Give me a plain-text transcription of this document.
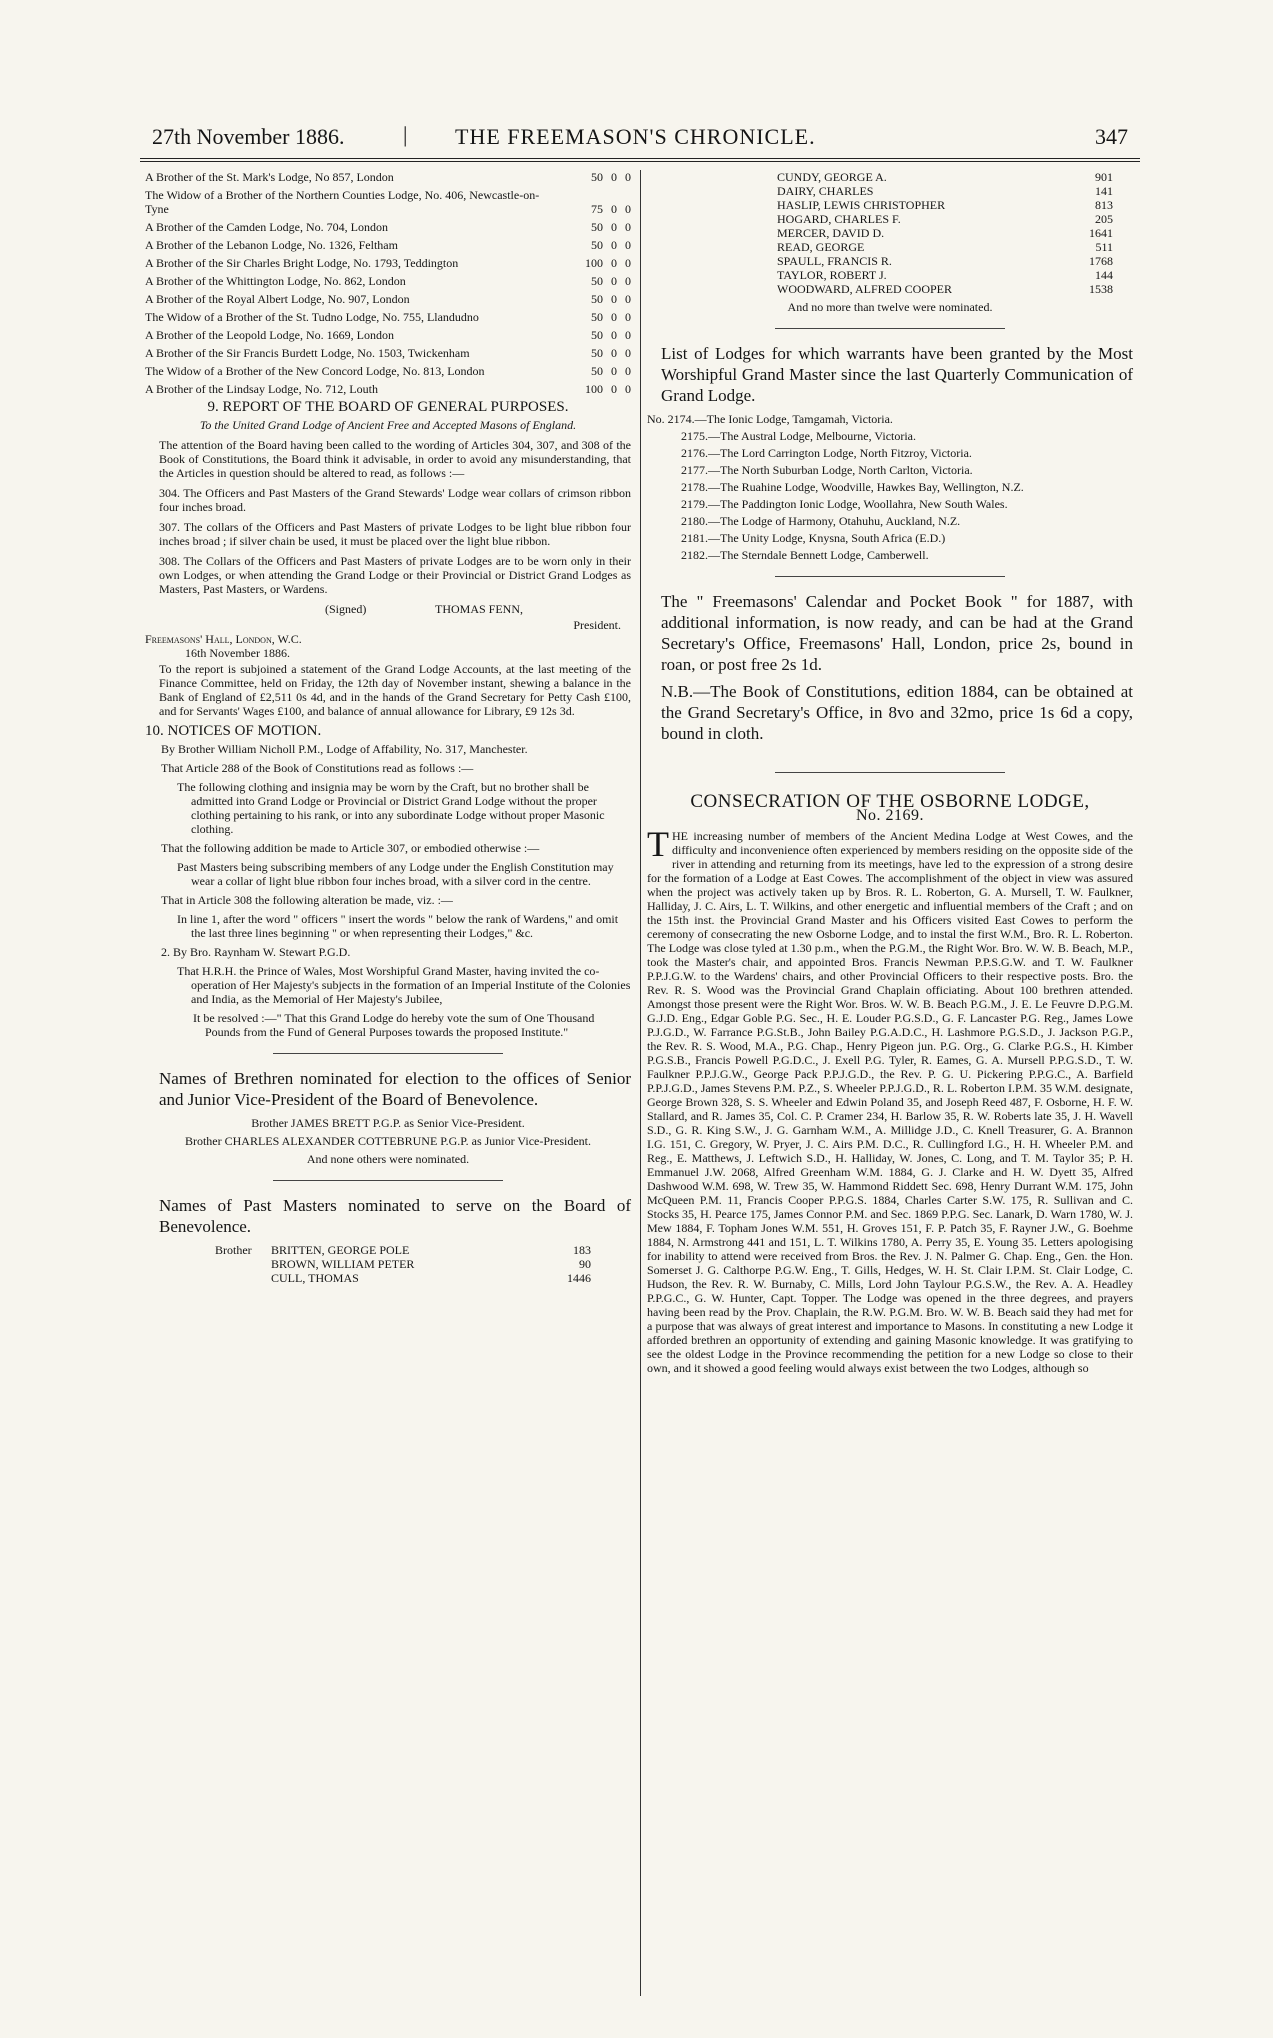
27th November 1886.	| THE FREEMASON'S CHRONICLE.	347
A Brother of the St. Mark's Lodge, No 857, London	50 0 0
The Widow of a Brother of the Northern Counties Lodge, No. 406, Newcastle-on-Tyne	75 0 0
A Brother of the Camden Lodge, No. 704, London	50 0 0
A Brother of the Lebanon Lodge, No. 1326, Feltham	50 0 0
A Brother of the Sir Charles Bright Lodge, No. 1793, Teddington	100 0 0
A Brother of the Whittington Lodge, No. 862, London	50 0 0
A Brother of the Royal Albert Lodge, No. 907, London	50 0 0
The Widow of a Brother of the St. Tudno Lodge, No. 755, Llandudno	50 0 0
A Brother of the Leopold Lodge, No. 1669, London	50 0 0
A Brother of the Sir Francis Burdett Lodge, No. 1503, Twickenham	50 0 0
The Widow of a Brother of the New Concord Lodge, No. 813, London	50 0 0
A Brother of the Lindsay Lodge, No. 712, Louth	100 0 0
9. REPORT OF THE BOARD OF GENERAL PURPOSES.

To the United Grand Lodge of Ancient Free and Accepted Masons of England.

The attention of the Board having been called to the wording of Articles 304, 307, and 308 of the Book of Constitutions, the Board think it advisable, in order to avoid any misunderstanding, that the Articles in question should be altered to read, as follows :—

304. The Officers and Past Masters of the Grand Stewards' Lodge wear collars of crimson ribbon four inches broad.

307. The collars of the Officers and Past Masters of private Lodges to be light blue ribbon four inches broad ; if silver chain be used, it must be placed over the light blue ribbon.

308. The Collars of the Officers and Past Masters of private Lodges are to be worn only in their own Lodges, or when attending the Grand Lodge or their Provincial or District Grand Lodges as Masters, Past Masters, or Wardens.

(Signed)	THOMAS FENN,
President.
Freemasons' Hall, London, W.C.
16th November 1886.

To the report is subjoined a statement of the Grand Lodge Accounts, at the last meeting of the Finance Committee, held on Friday, the 12th day of November instant, shewing a balance in the Bank of England of £2,511 0s 4d, and in the hands of the Grand Secretary for Petty Cash £100, and for Servants' Wages £100, and balance of annual allowance for Library, £9 12s 3d.

10. NOTICES OF MOTION.
By Brother William Nicholl P.M., Lodge of Affability, No. 317, Manchester.
That Article 288 of the Book of Constitutions read as follows :—
The following clothing and insignia may be worn by the Craft, but no brother shall be admitted into Grand Lodge or Provincial or District Grand Lodge without the proper clothing pertaining to his rank, or into any subordinate Lodge without proper Masonic clothing.
That the following addition be made to Article 307, or embodied otherwise :—
Past Masters being subscribing members of any Lodge under the English Constitution may wear a collar of light blue ribbon four inches broad, with a silver cord in the centre.
That in Article 308 the following alteration be made, viz. :—
In line 1, after the word " officers " insert the words " below the rank of Wardens," and omit the last three lines beginning " or when representing their Lodges," &c.
2. By Bro. Raynham W. Stewart P.G.D.
That H.R.H. the Prince of Wales, Most Worshipful Grand Master, having invited the co-operation of Her Majesty's subjects in the formation of an Imperial Institute of the Colonies and India, as the Memorial of Her Majesty's Jubilee,
It be resolved :—" That this Grand Lodge do hereby vote the sum of One Thousand Pounds from the Fund of General Purposes towards the proposed Institute."

Names of Brethren nominated for election to the offices of Senior and Junior Vice-President of the Board of Benevolence.

Brother JAMES BRETT P.G.P. as Senior Vice-President.
Brother CHARLES ALEXANDER COTTEBRUNE P.G.P. as Junior Vice-President.
And none others were nominated.

Names of Past Masters nominated to serve on the Board of Benevolence.

Brother	BRITTEN, GEORGE POLE	183
BROWN, WILLIAM PETER	90
CULL, THOMAS	1446
CUNDY, GEORGE A.	901
DAIRY, CHARLES	141
HASLIP, LEWIS CHRISTOPHER	813
HOGARD, CHARLES F.	205
MERCER, DAVID D.	1641
READ, GEORGE	511
SPAULL, FRANCIS R.	1768
TAYLOR, ROBERT J.	144
WOODWARD, ALFRED COOPER	1538
And no more than twelve were nominated.

List of Lodges for which warrants have been granted by the Most Worshipful Grand Master since the last Quarterly Communication of Grand Lodge.

No. 2174.—The Ionic Lodge, Tamgamah, Victoria.
2175.—The Austral Lodge, Melbourne, Victoria.
2176.—The Lord Carrington Lodge, North Fitzroy, Victoria.
2177.—The North Suburban Lodge, North Carlton, Victoria.
2178.—The Ruahine Lodge, Woodville, Hawkes Bay, Wellington, N.Z.
2179.—The Paddington Ionic Lodge, Woollahra, New South Wales.
2180.—The Lodge of Harmony, Otahuhu, Auckland, N.Z.
2181.—The Unity Lodge, Knysna, South Africa (E.D.)
2182.—The Sterndale Bennett Lodge, Camberwell.

The " Freemasons' Calendar and Pocket Book " for 1887, with additional information, is now ready, and can be had at the Grand Secretary's Office, Freemasons' Hall, London, price 2s, bound in roan, or post free 2s 1d.

N.B.—The Book of Constitutions, edition 1884, can be obtained at the Grand Secretary's Office, in 8vo and 32mo, price 1s 6d a copy, bound in cloth.

CONSECRATION OF THE OSBORNE LODGE,
No. 2169.

THE increasing number of members of the Ancient Medina Lodge at West Cowes, and the difficulty and inconvenience often experienced by members residing on the opposite side of the river in attending and returning from its meetings, have led to the expression of a strong desire for the formation of a Lodge at East Cowes. The accomplishment of the object in view was assured when the project was actively taken up by Bros. R. L. Roberton, G. A. Mursell, T. W. Faulkner, Halliday, J. C. Airs, L. T. Wilkins, and other energetic and influential members of the Craft ; and on the 15th inst. the Provincial Grand Master and his Officers visited East Cowes to perform the ceremony of consecrating the new Osborne Lodge, and to instal the first W.M., Bro. R. L. Roberton. The Lodge was close tyled at 1.30 p.m., when the P.G.M., the Right Wor. Bro. W. W. B. Beach, M.P., took the Master's chair, and appointed Bros. Francis Newman P.P.S.G.W. and T. W. Faulkner P.P.J.G.W. to the Wardens' chairs, and other Provincial Officers to their respective posts. Bro. the Rev. R. S. Wood was the Provincial Grand Chaplain officiating. About 100 brethren attended. Amongst those present were the Right Wor. Bros. W. W. B. Beach P.G.M., J. E. Le Feuvre D.P.G.M. G.J.D. Eng., Edgar Goble P.G. Sec., H. E. Louder P.G.S.D., G. F. Lancaster P.G. Reg., James Lowe P.J.G.D., W. Farrance P.G.St.B., John Bailey P.G.A.D.C., H. Lashmore P.G.S.D., J. Jackson P.G.P., the Rev. R. S. Wood, M.A., P.G. Chap., Henry Pigeon jun. P.G. Org., G. Clarke P.G.S., H. Kimber P.G.S.B., Francis Powell P.G.D.C., J. Exell P.G. Tyler, R. Eames, G. A. Mursell P.P.G.S.D., T. W. Faulkner P.P.J.G.W., George Pack P.P.J.G.D., the Rev. P. G. U. Pickering P.P.G.C., A. Barfield P.P.J.G.D., James Stevens P.M. P.Z., S. Wheeler P.P.J.G.D., R. L. Roberton I.P.M. 35 W.M. designate, George Brown 328, S. S. Wheeler and Edwin Poland 35, and Joseph Reed 487, F. Osborne, H. F. W. Stallard, and R. James 35, Col. C. P. Cramer 234, H. Barlow 35, R. W. Roberts late 35, J. H. Wavell S.D., G. R. King S.W., J. G. Garnham W.M., A. Millidge J.D., C. Knell Treasurer, G. A. Brannon I.G. 151, C. Gregory, W. Pryer, J. C. Airs P.M. D.C., R. Cullingford I.G., H. H. Wheeler P.M. and Reg., E. Matthews, J. Leftwich S.D., H. Halliday, W. Jones, C. Long, and T. M. Taylor 35; P. H. Emmanuel J.W. 2068, Alfred Greenham W.M. 1884, G. J. Clarke and H. W. Dyett 35, Alfred Dashwood W.M. 698, W. Trew 35, W. Hammond Riddett Sec. 698, Henry Durrant W.M. 175, John McQueen P.M. 11, Francis Cooper P.P.G.S. 1884, Charles Carter S.W. 175, R. Sullivan and C. Stocks 35, H. Pearce 175, James Connor P.M. and Sec. 1869 P.P.G. Sec. Lanark, D. Warn 1780, W. J. Mew 1884, F. Topham Jones W.M. 551, H. Groves 151, F. P. Patch 35, F. Rayner J.W., G. Boehme 1884, N. Armstrong 441 and 151, L. T. Wilkins 1780, A. Perry 35, E. Young 35. Letters apologising for inability to attend were received from Bros. the Rev. J. N. Palmer G. Chap. Eng., Gen. the Hon. Somerset J. G. Calthorpe P.G.W. Eng., T. Gills, Hedges, W. H. St. Clair I.P.M. St. Clair Lodge, C. Hudson, the Rev. R. W. Burnaby, C. Mills, Lord John Taylour P.G.S.W., the Rev. A. A. Headley P.P.G.C., G. W. Hunter, Capt. Topper. The Lodge was opened in the three degrees, and prayers having been read by the Prov. Chaplain, the R.W. P.G.M. Bro. W. W. B. Beach said they had met for a purpose that was always of great interest and importance to Masons. In constituting a new Lodge it afforded brethren an opportunity of extending and gaining Masonic knowledge. It was gratifying to see the oldest Lodge in the Province recommending the petition for a new Lodge so close to their own, and it showed a good feeling would always exist between the two Lodges, although so
